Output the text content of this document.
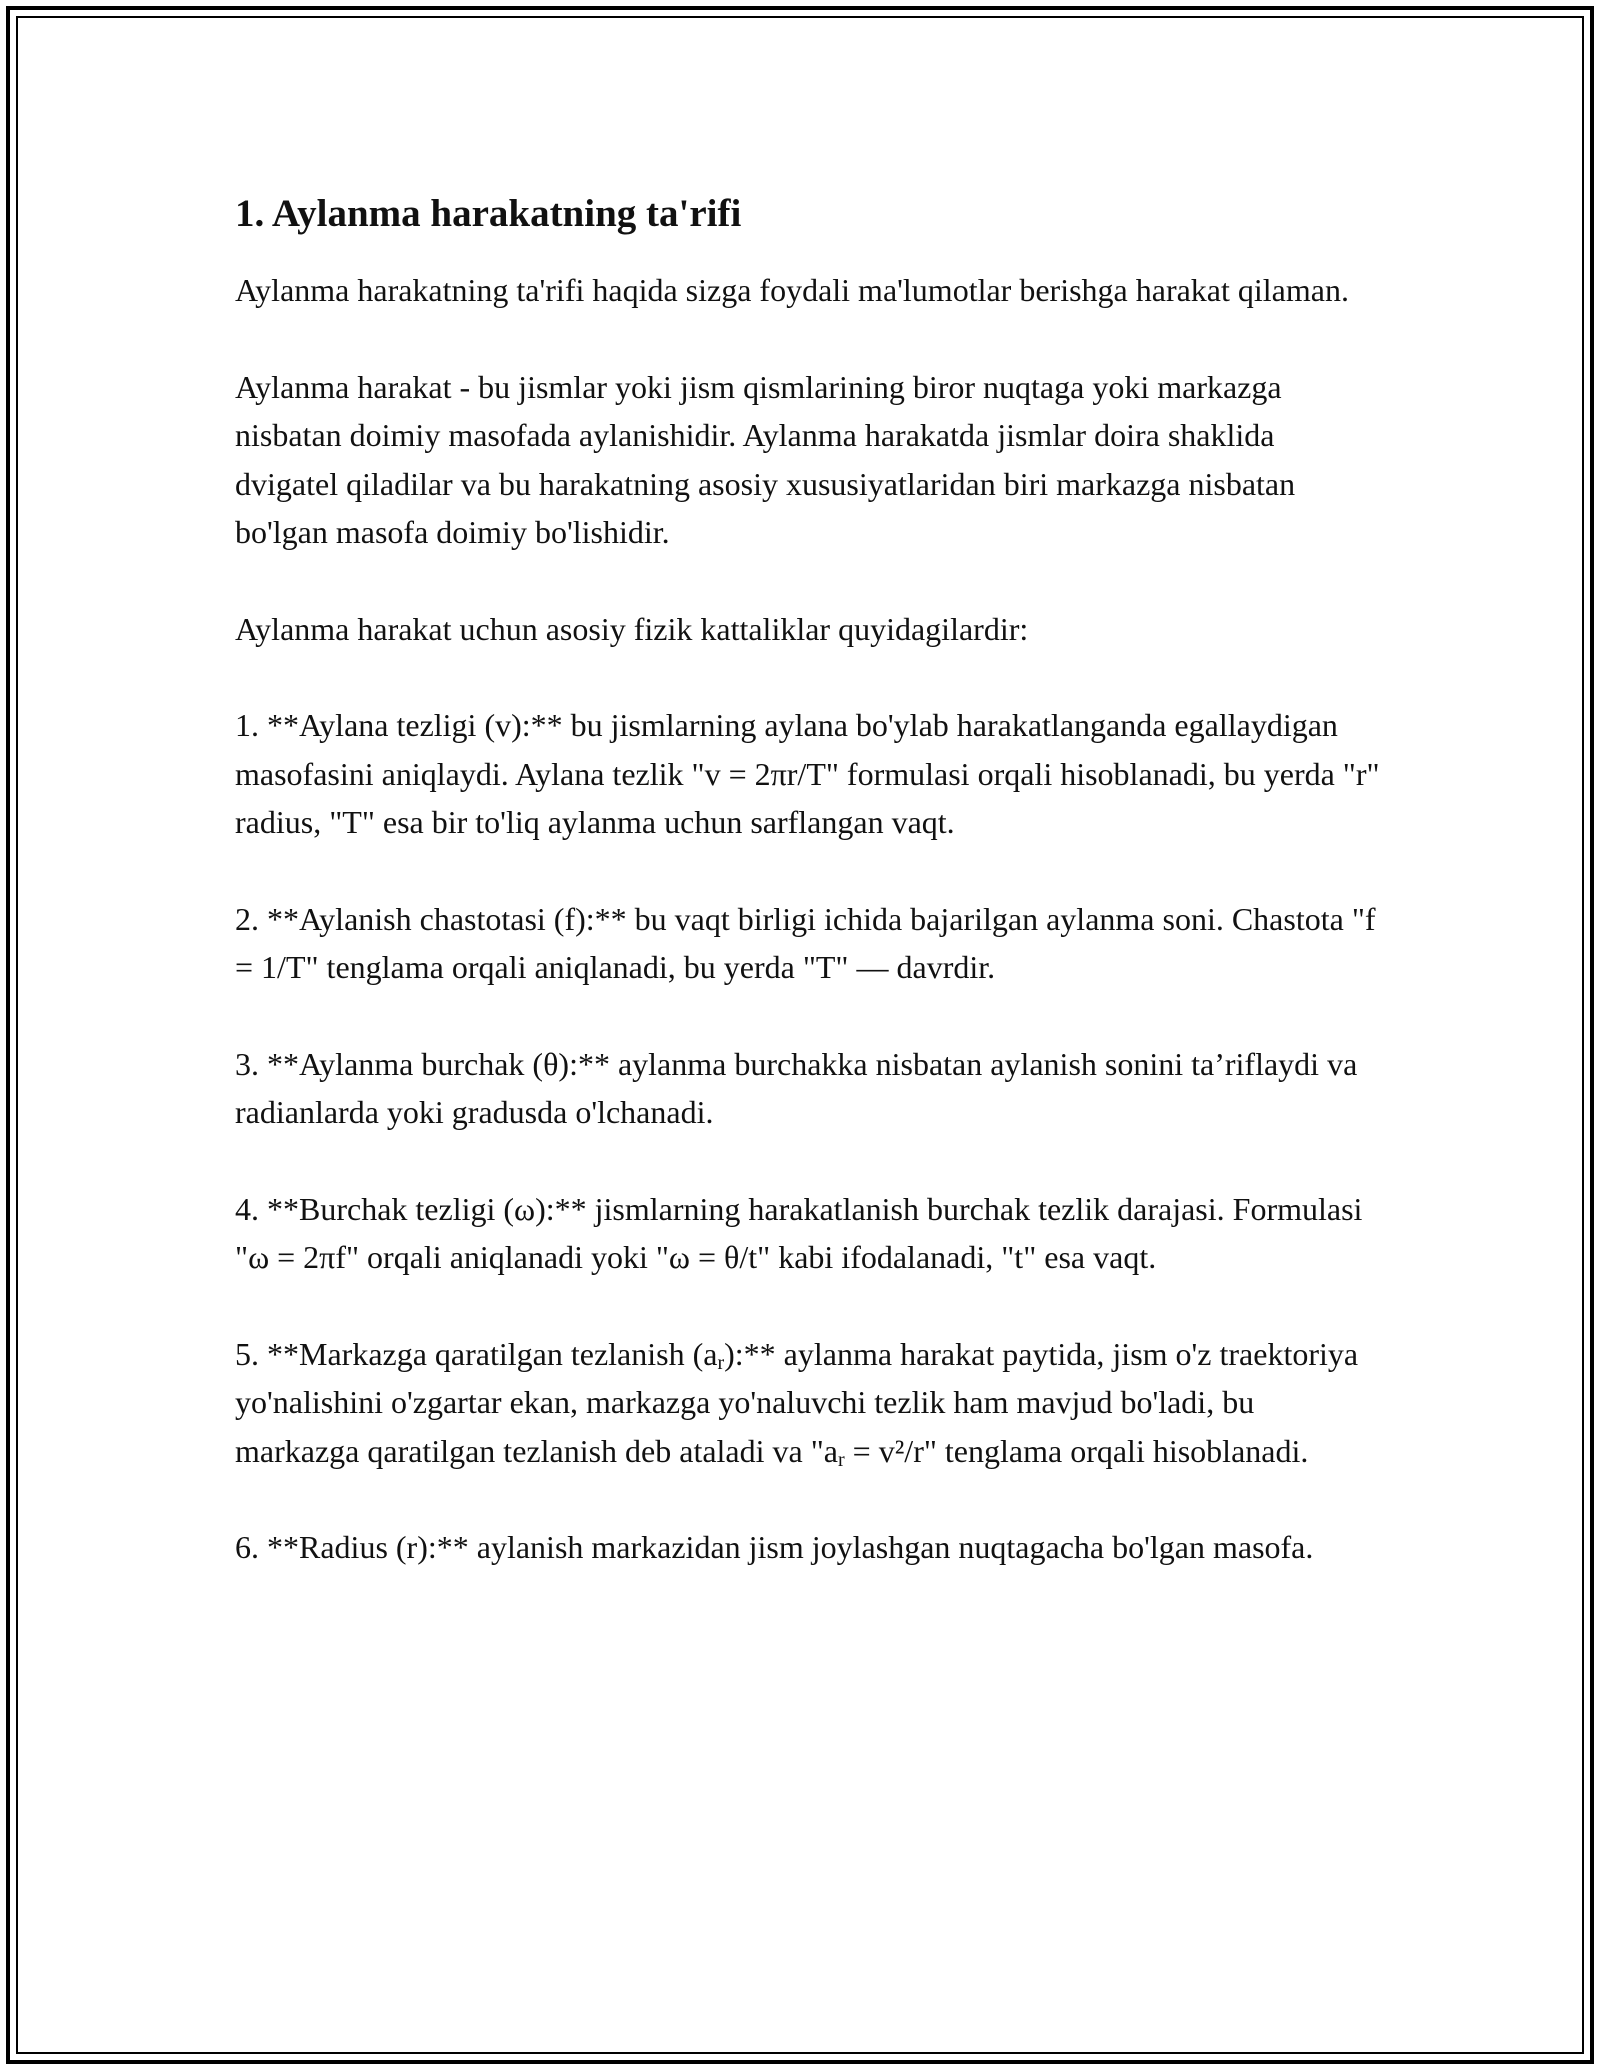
1. Aylanma harakatning ta'rifi

Aylanma harakatning ta'rifi haqida sizga foydali ma'lumotlar berishga harakat qilaman.

Aylanma harakat - bu jismlar yoki jism qismlarining biror nuqtaga yoki markazga nisbatan doimiy masofada aylanishidir. Aylanma harakatda jismlar doira shaklida dvigatel qiladilar va bu harakatning asosiy xususiyatlaridan biri markazga nisbatan bo'lgan masofa doimiy bo'lishidir.

Aylanma harakat uchun asosiy fizik kattaliklar quyidagilardir:

1. **Aylana tezligi (v):** bu jismlarning aylana bo'ylab harakatlanganda egallaydigan masofasini aniqlaydi. Aylana tezlik "v = 2πr/T" formulasi orqali hisoblanadi, bu yerda "r" radius, "T" esa bir to'liq aylanma uchun sarflangan vaqt.

2. **Aylanish chastotasi (f):** bu vaqt birligi ichida bajarilgan aylanma soni. Chastota "f = 1/T" tenglama orqali aniqlanadi, bu yerda "T" — davrdir.

3. **Aylanma burchak (θ):** aylanma burchakka nisbatan aylanish sonini ta’riflaydi va radianlarda yoki gradusda o'lchanadi.

4. **Burchak tezligi (ω):** jismlarning harakatlanish burchak tezlik darajasi. Formulasi "ω = 2πf" orqali aniqlanadi yoki "ω = θ/t" kabi ifodalanadi, "t" esa vaqt.

5. **Markazga qaratilgan tezlanish $(a_r):**$ aylanma harakat paytida, jism o'z traektoriya yo'nalishini o'zgartar ekan, markazga yo'naluvchi tezlik ham mavjud bo'ladi, bu markazga qaratilgan tezlanish deb ataladi va "$a_r = v^2/r$" tenglama orqali hisoblanadi.

6. **Radius (r):** aylanish markazidan jism joylashgan nuqtagacha bo'lgan masofa.
